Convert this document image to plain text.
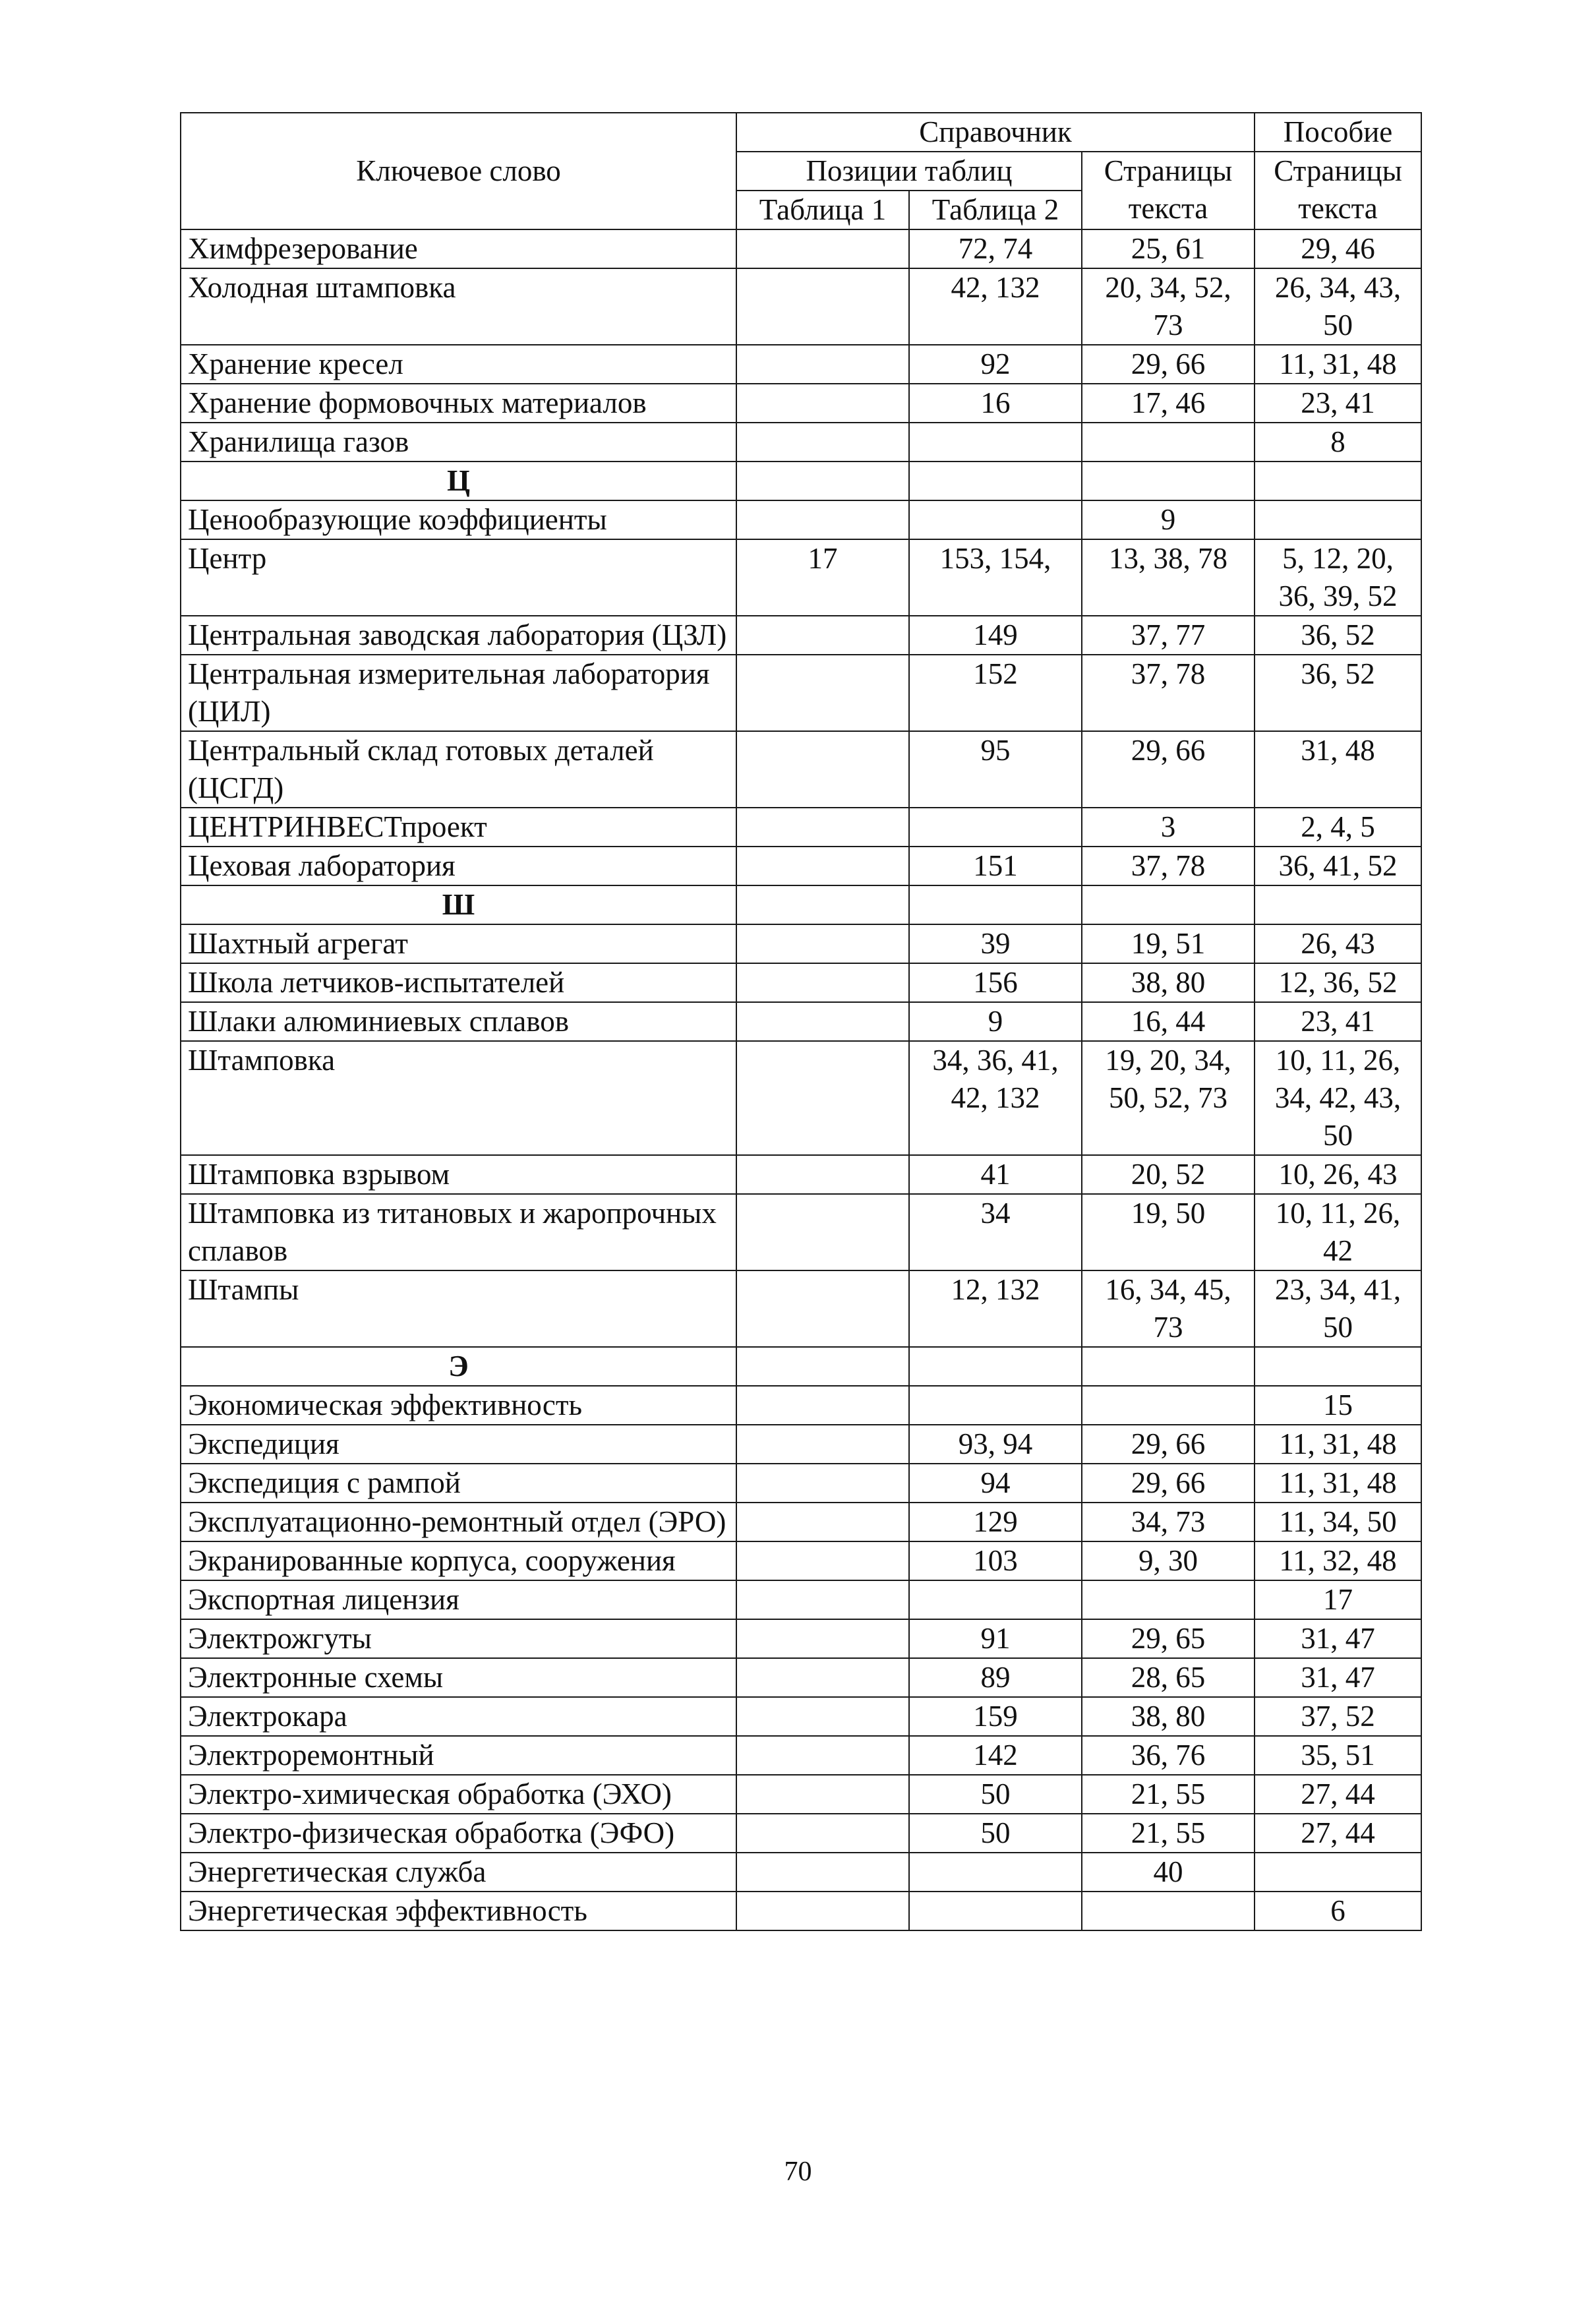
Ключевое слово	Справочник			Пособие
	Позиции таблиц		Страницы текста	Страницы текста
	Таблица 1	Таблица 2		
Химфрезерование		72, 74	25, 61	29, 46
Холодная штамповка		42, 132	20, 34, 52, 73	26, 34, 43, 50
Хранение кресел		92	29, 66	11, 31, 48
Хранение формовочных материалов		16	17, 46	23, 41
Хранилища газов				8
Ц				
Ценообразующие коэффициенты			9	
Центр	17	153, 154,	13, 38, 78	5, 12, 20, 36, 39, 52
Центральная заводская лаборатория (ЦЗЛ)		149	37, 77	36, 52
Центральная измерительная лаборатория (ЦИЛ)		152	37, 78	36, 52
Центральный склад готовых деталей (ЦСГД)		95	29, 66	31, 48
ЦЕНТРИНВЕСТпроект			3	2, 4, 5
Цеховая лаборатория		151	37, 78	36, 41, 52
Ш				
Шахтный агрегат		39	19, 51	26, 43
Школа летчиков-испытателей		156	38, 80	12, 36, 52
Шлаки алюминиевых сплавов		9	16, 44	23, 41
Штамповка		34, 36, 41, 42, 132	19, 20, 34, 50, 52, 73	10, 11, 26, 34, 42, 43, 50
Штамповка взрывом		41	20, 52	10, 26, 43
Штамповка из титановых и жаропрочных сплавов		34	19, 50	10, 11, 26, 42
Штампы		12, 132	16, 34, 45, 73	23, 34, 41, 50
Э				
Экономическая эффективность				15
Экспедиция		93, 94	29, 66	11, 31, 48
Экспедиция с рампой		94	29, 66	11, 31, 48
Эксплуатационно-ремонтный отдел (ЭРО)		129	34, 73	11, 34, 50
Экранированные корпуса, сооружения		103	9, 30	11, 32, 48
Экспортная лицензия				17
Электрожгуты		91	29, 65	31, 47
Электронные схемы		89	28, 65	31, 47
Электрокара		159	38, 80	37, 52
Электроремонтный		142	36, 76	35, 51
Электро-химическая обработка (ЭХО)		50	21, 55	27, 44
Электро-физическая обработка (ЭФО)		50	21, 55	27, 44
Энергетическая служба			40	
Энергетическая эффективность				6
70
